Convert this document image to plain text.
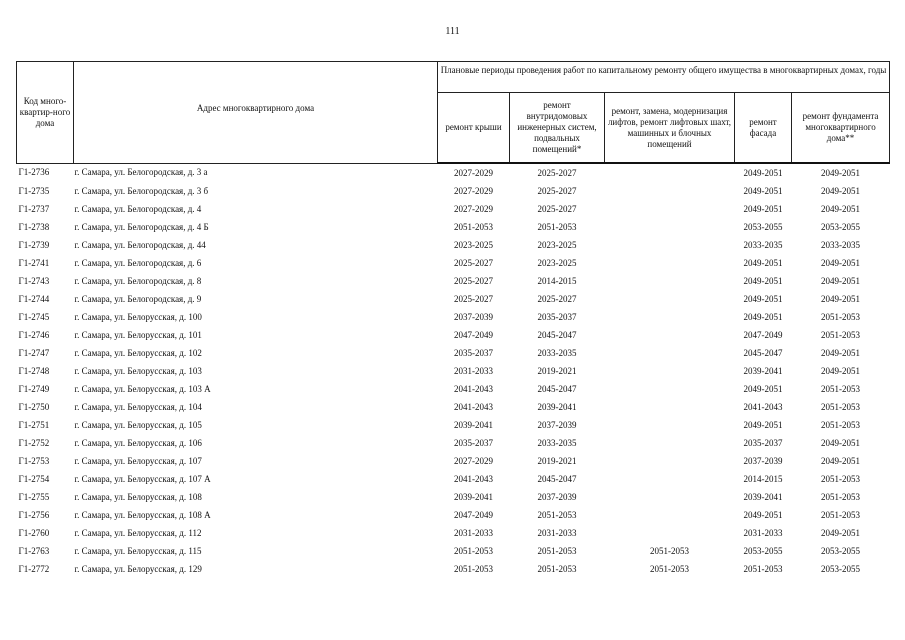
111
Код много-квартир-ного дома	Адрес многоквартирного дома	Плановые периоды проведения работ по капитальному ремонту общего имущества в многоквартирных домах, годы				
		ремонт крыши	ремонт внутридомовых инженерных систем, подвальных помещений*	ремонт, замена, модернизация лифтов, ремонт лифтовых шахт, машинных и блочных помещений	ремонт фасада	ремонт фундамента многоквартирного дома**
Г1-2736	г. Самара, ул. Белогородская, д. 3 а	2027-2029	2025-2027		2049-2051	2049-2051
Г1-2735	г. Самара, ул. Белогородская, д. 3 б	2027-2029	2025-2027		2049-2051	2049-2051
Г1-2737	г. Самара, ул. Белогородская, д. 4	2027-2029	2025-2027		2049-2051	2049-2051
Г1-2738	г. Самара, ул. Белогородская, д. 4 Б	2051-2053	2051-2053		2053-2055	2053-2055
Г1-2739	г. Самара, ул. Белогородская, д. 44	2023-2025	2023-2025		2033-2035	2033-2035
Г1-2741	г. Самара, ул. Белогородская, д. 6	2025-2027	2023-2025		2049-2051	2049-2051
Г1-2743	г. Самара, ул. Белогородская, д. 8	2025-2027	2014-2015		2049-2051	2049-2051
Г1-2744	г. Самара, ул. Белогородская, д. 9	2025-2027	2025-2027		2049-2051	2049-2051
Г1-2745	г. Самара, ул. Белорусская, д. 100	2037-2039	2035-2037		2049-2051	2051-2053
Г1-2746	г. Самара, ул. Белорусская, д. 101	2047-2049	2045-2047		2047-2049	2051-2053
Г1-2747	г. Самара, ул. Белорусская, д. 102	2035-2037	2033-2035		2045-2047	2049-2051
Г1-2748	г. Самара, ул. Белорусская, д. 103	2031-2033	2019-2021		2039-2041	2049-2051
Г1-2749	г. Самара, ул. Белорусская, д. 103 А	2041-2043	2045-2047		2049-2051	2051-2053
Г1-2750	г. Самара, ул. Белорусская, д. 104	2041-2043	2039-2041		2041-2043	2051-2053
Г1-2751	г. Самара, ул. Белорусская, д. 105	2039-2041	2037-2039		2049-2051	2051-2053
Г1-2752	г. Самара, ул. Белорусская, д. 106	2035-2037	2033-2035		2035-2037	2049-2051
Г1-2753	г. Самара, ул. Белорусская, д. 107	2027-2029	2019-2021		2037-2039	2049-2051
Г1-2754	г. Самара, ул. Белорусская, д. 107 А	2041-2043	2045-2047		2014-2015	2051-2053
Г1-2755	г. Самара, ул. Белорусская, д. 108	2039-2041	2037-2039		2039-2041	2051-2053
Г1-2756	г. Самара, ул. Белорусская, д. 108 А	2047-2049	2051-2053		2049-2051	2051-2053
Г1-2760	г. Самара, ул. Белорусская, д. 112	2031-2033	2031-2033		2031-2033	2049-2051
Г1-2763	г. Самара, ул. Белорусская, д. 115	2051-2053	2051-2053	2051-2053	2053-2055	2053-2055
Г1-2772	г. Самара, ул. Белорусская, д. 129	2051-2053	2051-2053	2051-2053	2051-2053	2053-2055
